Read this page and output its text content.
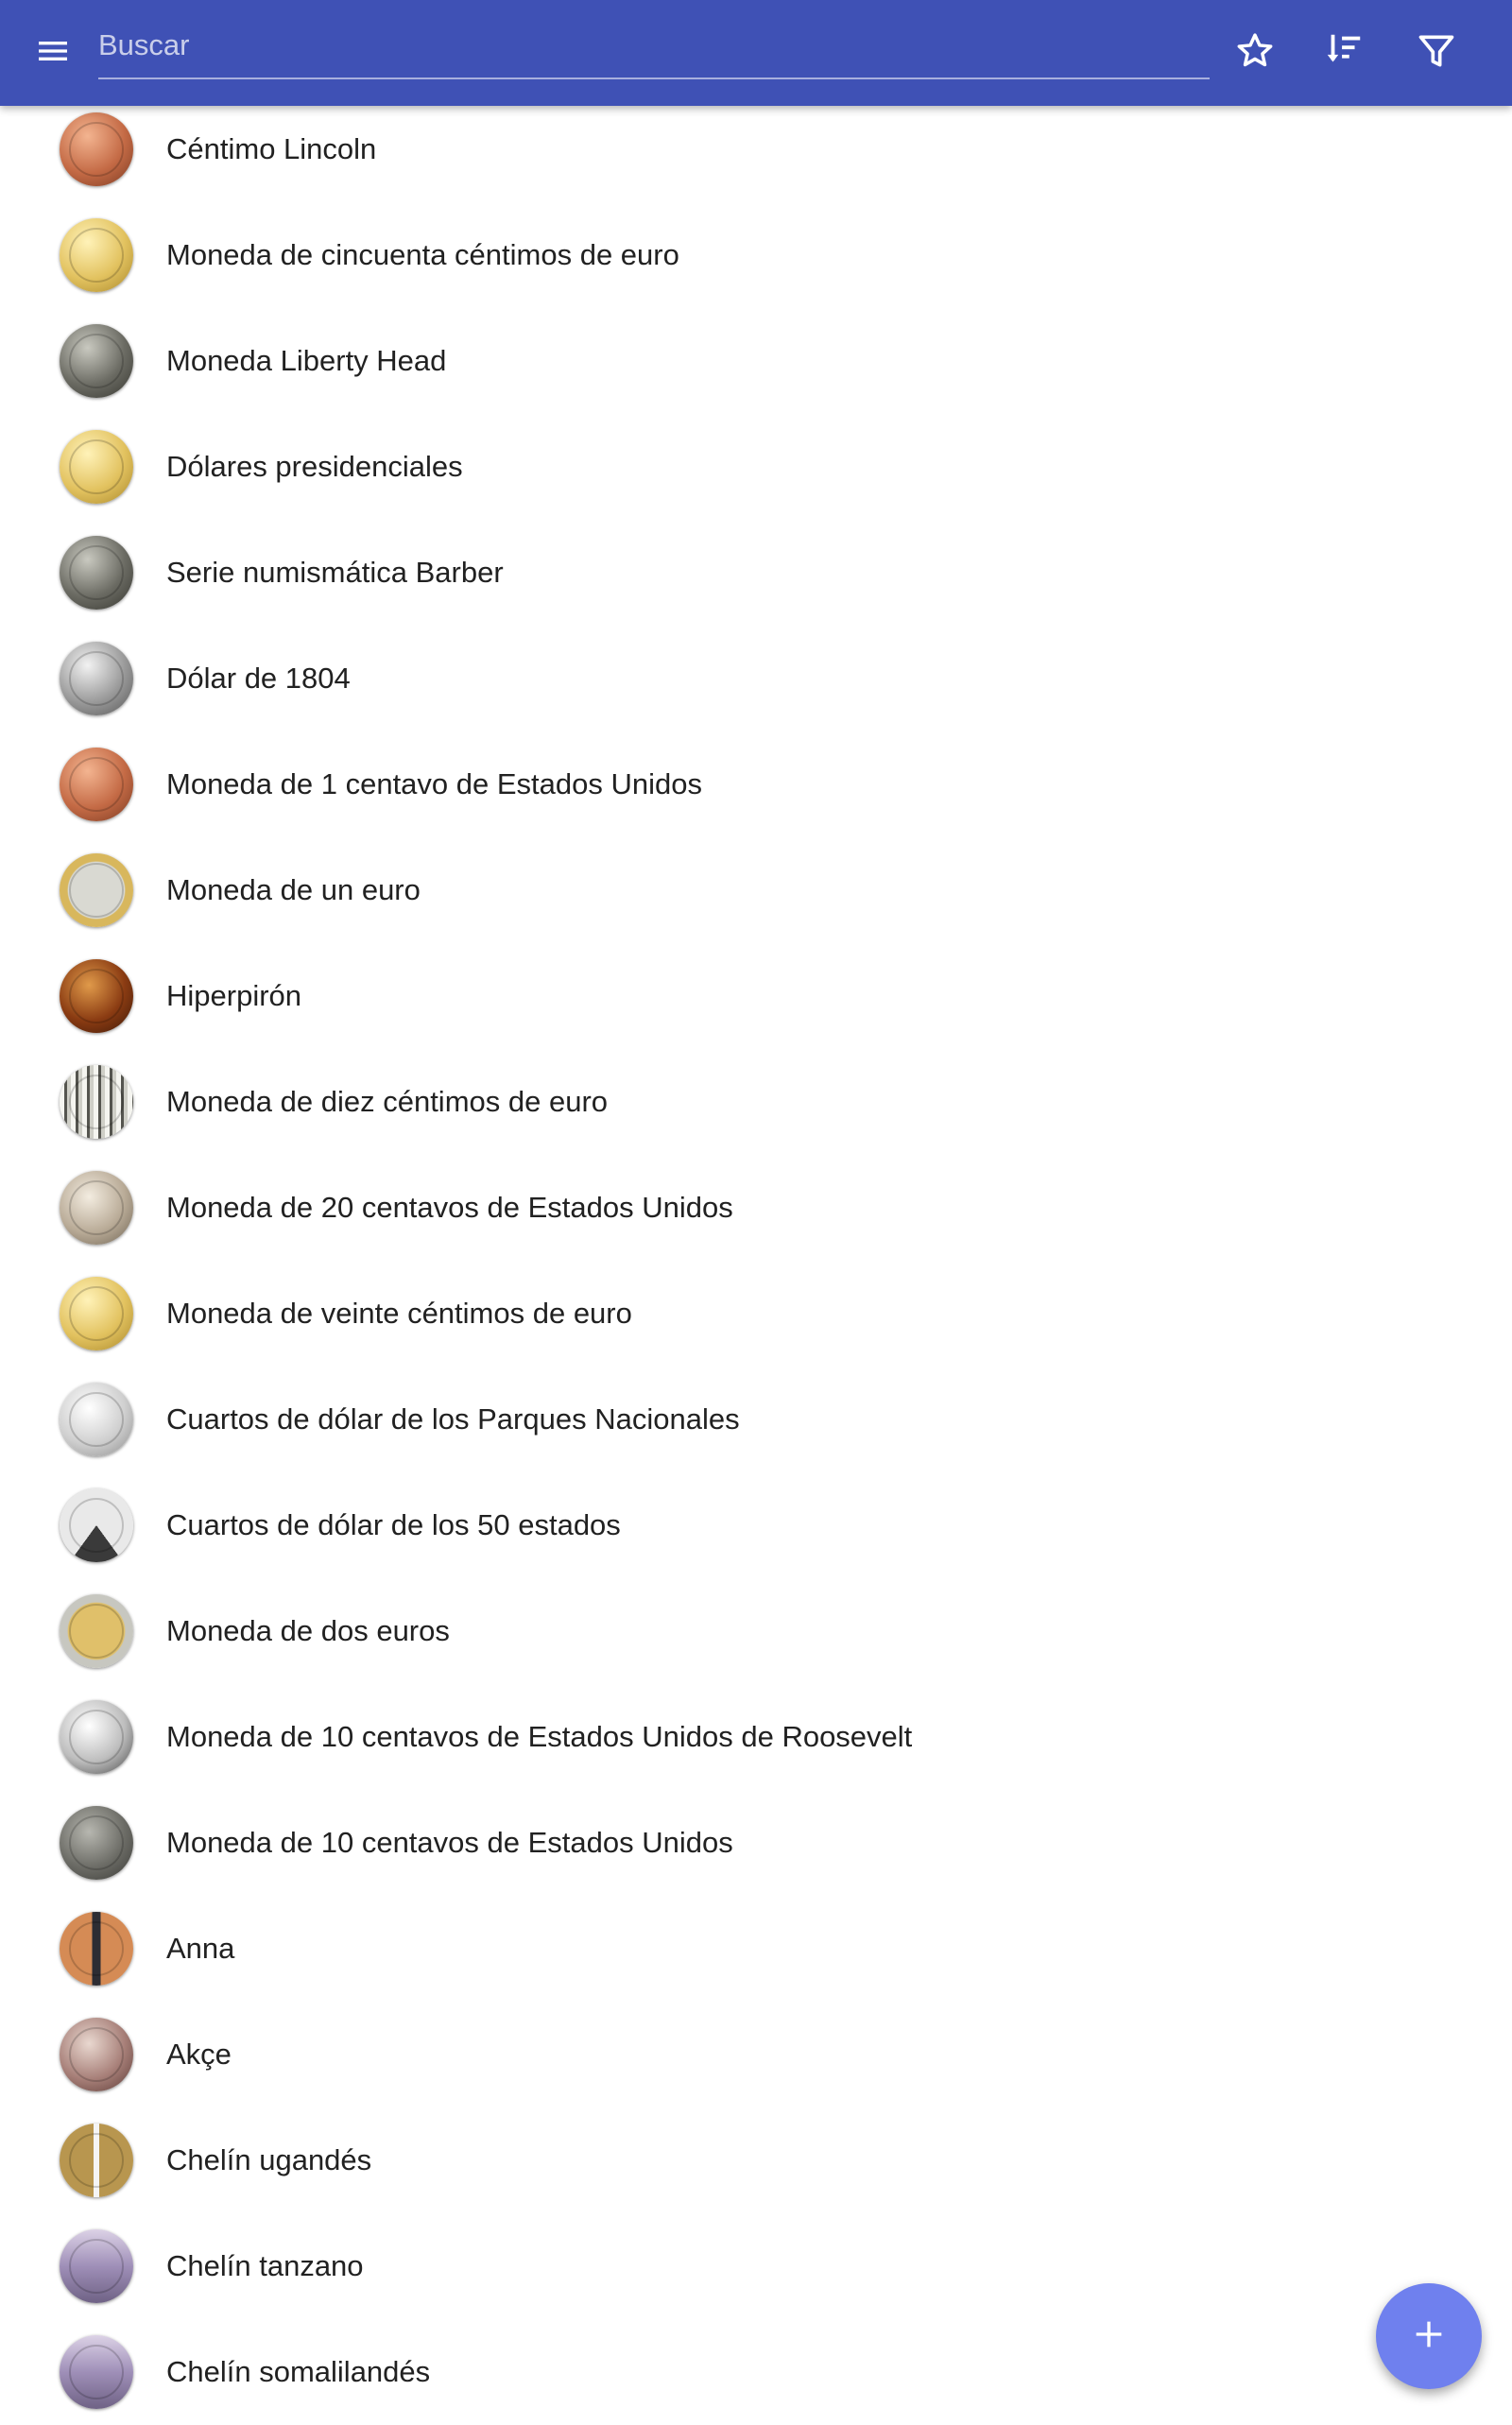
Buscar
Céntimo Lincoln
Moneda de cincuenta céntimos de euro
Moneda Liberty Head
Dólares presidenciales
Serie numismática Barber
Dólar de 1804
Moneda de 1 centavo de Estados Unidos
Moneda de un euro
Hiperpirón
Moneda de diez céntimos de euro
Moneda de 20 centavos de Estados Unidos
Moneda de veinte céntimos de euro
Cuartos de dólar de los Parques Nacionales
Cuartos de dólar de los 50 estados
Moneda de dos euros
Moneda de 10 centavos de Estados Unidos de Roosevelt
Moneda de 10 centavos de Estados Unidos
Anna
Akçe
Chelín ugandés
Chelín tanzano
Chelín somalilandés
